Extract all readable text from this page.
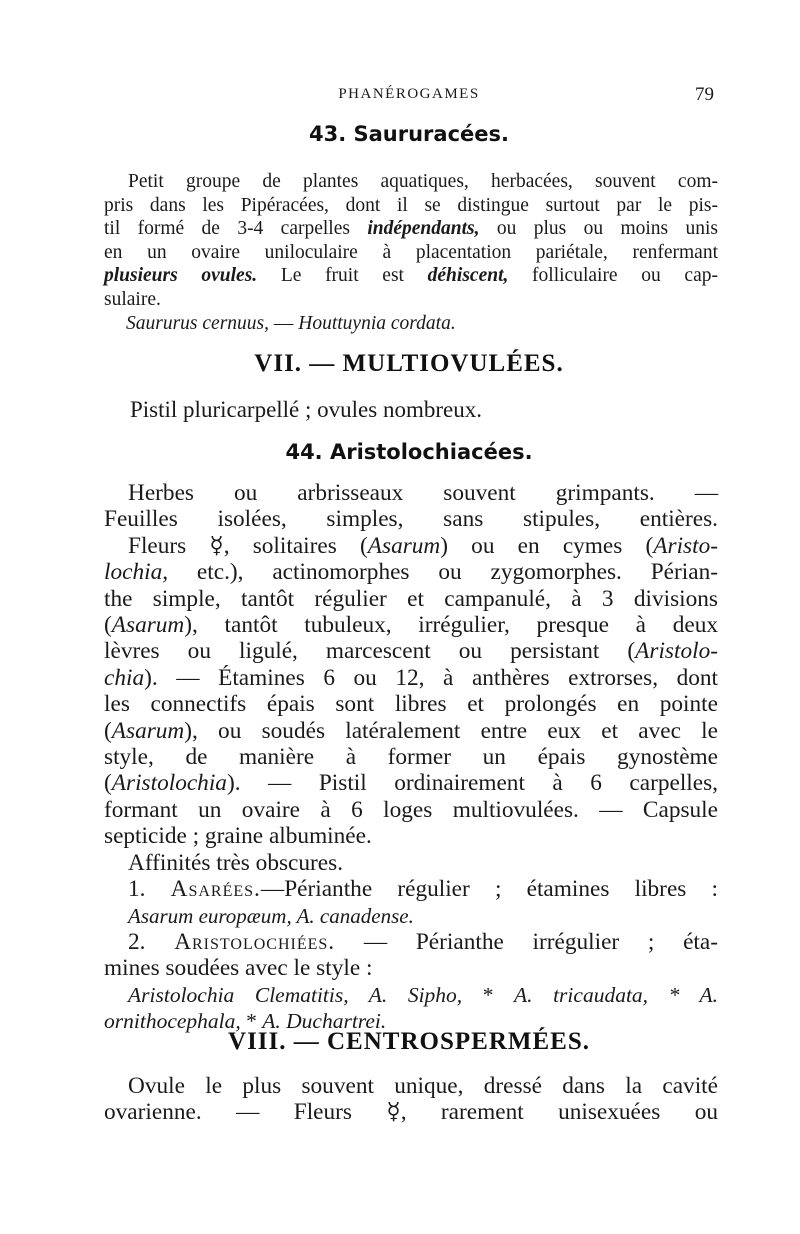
PHANÉROGAMES	79
43. Saururacées.
Petit groupe de plantes aquatiques, herbacées, souvent com-
pris dans les Pipéracées, dont il se distingue surtout par le pis-
til formé de 3-4 carpelles indépendants, ou plus ou moins unis
en un ovaire uniloculaire à placentation pariétale, renfermant
plusieurs ovules. Le fruit est déhiscent, folliculaire ou cap-
sulaire.
Saururus cernuus, — Houttuynia cordata.
VII. — MULTIOVULÉES.
Pistil pluricarpellé ; ovules nombreux.
44. Aristolochiacées.
Herbes ou arbrisseaux souvent grimpants. —
Feuilles isolées, simples, sans stipules, entières.
Fleurs ☿, solitaires (Asarum) ou en cymes (Aristo-
lochia, etc.), actinomorphes ou zygomorphes. Périan-
the simple, tantôt régulier et campanulé, à 3 divisions
(Asarum), tantôt tubuleux, irrégulier, presque à deux
lèvres ou ligulé, marcescent ou persistant (Aristolo-
chia). — Étamines 6 ou 12, à anthères extrorses, dont
les connectifs épais sont libres et prolongés en pointe
(Asarum), ou soudés latéralement entre eux et avec le
style, de manière à former un épais gynostème
(Aristolochia). — Pistil ordinairement à 6 carpelles,
formant un ovaire à 6 loges multiovulées. — Capsule
septicide ; graine albuminée.
Affinités très obscures.
1. Asarées.—Périanthe régulier ; étamines libres :
Asarum europæum, A. canadense.
2. Aristolochiées. — Périanthe irrégulier ; éta-
mines soudées avec le style :
Aristolochia Clematitis, A. Sipho, * A. tricaudata, * A.
ornithocephala, * A. Duchartrei.
VIII. — CENTROSPERMÉES.
Ovule le plus souvent unique, dressé dans la cavité
ovarienne. — Fleurs ☿, rarement unisexuées ou
